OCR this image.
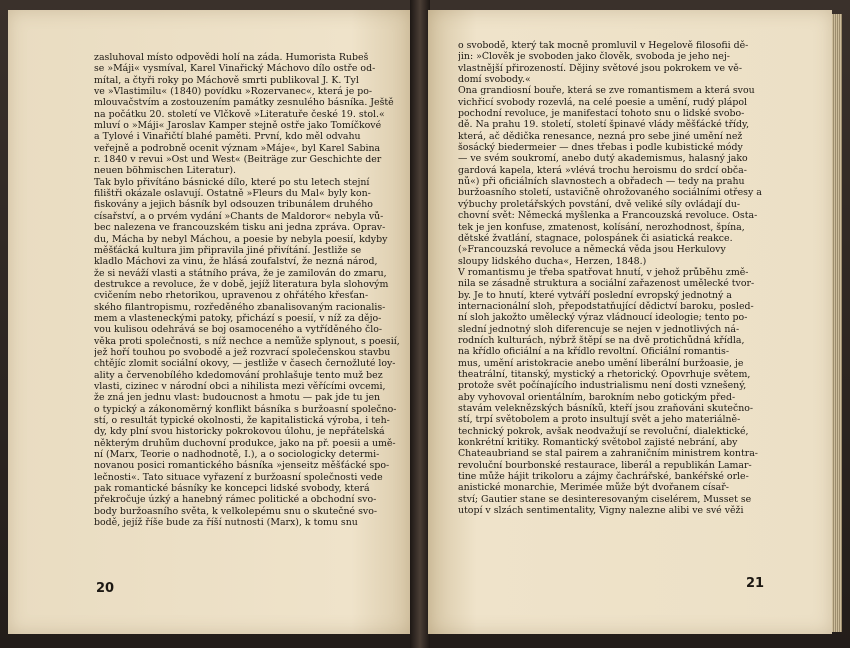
zasluhoval místo odpovědi holí na záda. Humorista Rubeš
se »Máji« vysmíval, Karel Vinařický Máchovo dílo ostře od-
mítal, a čtyři roky po Máchově smrti publikoval J. K. Tyl
ve »Vlastimilu« (1840) povídku »Rozervanec«, která je po-
mlouvačstvím a zostouzením památky zesnulého básníka. Ještě
na počátku 20. století ve Vlčkově »Literatuře české 19. stol.«
mluví o »Máji« Jaroslav Kamper stejně ostře jako Tomíčkové
a Tylové i Vinařičtí blahé paměti. První, kdo měl odvahu
veřejně a podrobně ocenit význam »Máje«, byl Karel Sabina
r. 1840 v revui »Ost und West« (Beiträge zur Geschichte der
neuen böhmischen Literatur).
Tak bylo přivítáno básnické dílo, které po stu letech stejní
filištři okázale oslavují. Ostatně »Fleurs du Mal« byly kon-
fiskovány a jejich básník byl odsouzen tribunálem druhého
císařství, a o prvém vydání »Chants de Maldoror« nebyla vů-
bec nalezena ve francouzském tisku ani jedna zpráva. Oprav-
du, Mácha by nebyl Máchou, a poesie by nebyla poesií, kdyby
měšťácká kultura jim připravila jiné přivítání. Jestliže se
kladlo Máchovi za vinu, že hlásá zoufalství, že nezná národ,
že si neváží vlasti a státního práva, že je zamilován do zmaru,
destrukce a revoluce, že v době, jejíž literatura byla slohovým
cvičením nebo rhetorikou, upravenou z ohřátého křesťan-
ského filantropismu, rozředěného zbanalisovaným racionalis-
mem a vlasteneckými patoky, přichází s poesií, v níž za dějo-
vou kulisou odehrává se boj osamoceného a vytříděného člo-
věka proti společnosti, s níž nechce a nemůže splynout, s poesií,
jež hoří touhou po svobodě a jež rozvrací společenskou stavbu
chtějíc zlomit sociální okovy, — jestliže v časech černožluté loy-
ality a červenobílého kdedomování prohlašuje tento muž bez
vlasti, cizinec v národní obci a nihilista mezi věřícími ovcemi,
že zná jen jednu vlast: budoucnost a hmotu — pak jde tu jen
o typický a zákonomĕrný konflikt básníka s buržoasní společno-
stí, o resultát typické okolnosti, že kapitalistická výroba, i teh-
dy, kdy plní svou historicky pokrokovou úlohu, je nepřátelská
některým druhům duchovní produkce, jako na př. poesii a umě-
ní (Marx, Teorie o nadhodnotě, I.), a o sociologicky determi-
novanou posici romantického básníka »jenseitz měšťácké spo-
lečnosti«. Tato situace vyřazení z buržoasní společnosti vede
pak romantické básníky ke koncepci lidské svobody, která
překročuje úzký a hanebný rámec politické a obchodní svo-
body buržoasního světa, k velkolepému snu o skutečné svo-
bodě, jejíž říše bude za říší nutnosti (Marx), k tomu snu
20
o svobodě, který tak mocně promluvil v Hegelově filosofii dě-
jin: »Člověk je svoboden jako člověk, svoboda je jeho nej-
vlastnější přirozeností. Dějiny světové jsou pokrokem ve vě-
domí svobody.«
Ona grandiosní bouře, která se zve romantismem a která svou
vichřicí svobody rozevlá, na celé poesie a umění, rudý plápol
pochodní revoluce, je manifestací tohoto snu o lidské svobo-
dě. Na prahu 19. století, století špinavé vlády měšťácké třídy,
která, ač dědička renesance, nezná pro sebe jiné umění než
šosácký biedermeier — dnes třebas i podle kubistické módy
— ve svém soukromí, anebo dutý akademismus, halasný jako
gardová kapela, která »vlévá trochu heroismu do srdcí obča-
nů«) při oficiálních slavnostech a obřadech — tedy na prahu
buržoasního století, ustavičně ohrožovaného sociálními otřesy a
výbuchy proletářských povstání, dvě veliké síly ovládají du-
chovní svět: Německá myšlenka a Francouzská revoluce. Osta-
tek je jen konfuse, zmatenost, kolísání, nerozhodnost, špína,
dětské žvatlání, stagnace, polospánek či asiatická reakce.
(»Francouzská revoluce a německá věda jsou Herkulovy
sloupy lidského ducha«, Herzen, 1848.)
V romantismu je třeba spatřovat hnutí, v jehož průběhu změ-
nila se zásadně struktura a sociální zařazenost umělecké tvor-
by. Je to hnutí, které vytváří poslední evropský jednotný a
internacionální sloh, přepodstatňující dědictví baroku, posled-
ní sloh jakožto umělecký výraz vládnoucí ideologie; tento po-
slední jednotný sloh diferencuje se nejen v jednotlivých ná-
rodních kulturách, nýbrž štěpí se na dvě protichůdná křídla,
na křídlo oficiální a na křídlo revoltní. Oficiální romantis-
mus, umění aristokracie anebo umění liberální buržoasie, je
theatrální, titanský, mystický a rhetorický. Opovrhuje světem,
protože svět počínajícího industrialismu není dosti vznešený,
aby vyhovoval orientálním, barokním nebo gotickým před-
stavám veleknězských básníků, kteří jsou zraňováni skutečno-
stí, trpí světobolem a proto insultují svět a jeho materiálně-
technický pokrok, avšak neodvažují se revoluční, dialektické,
konkrétní kritiky. Romantický světobol zajisté nebrání, aby
Chateaubriand se stal pairem a zahraničním ministrem kontra-
revoluční bourbonské restaurace, liberál a republikán Lamar-
tine může hájit trikoloru a zájmy čachrářské, bankéřské orle-
anistické monarchie, Merimée může být dvořanem císař-
ství; Gautier stane se desinteresovaným ciselérem, Musset se
utopí v slzách sentimentality, Vigny nalezne alibi ve své věži
21
